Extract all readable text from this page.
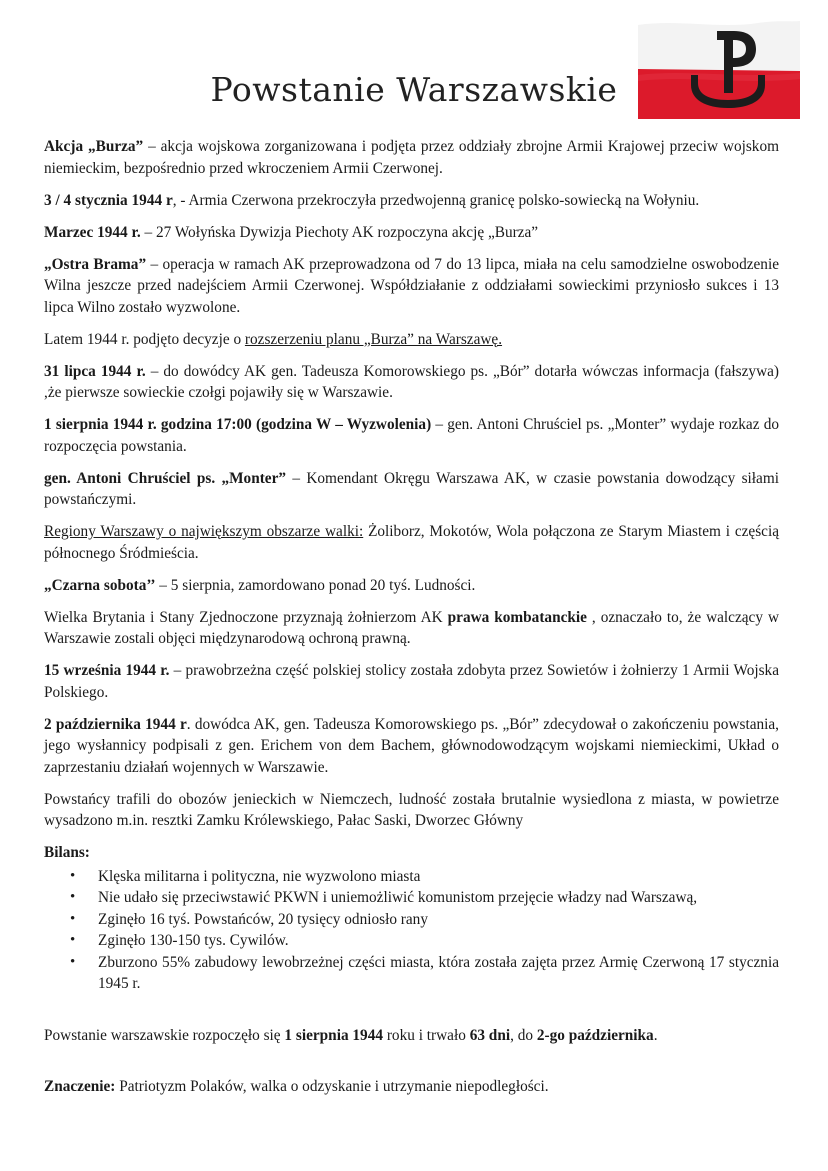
Powstanie Warszawskie

Akcja „Burza” – akcja wojskowa zorganizowana i podjęta przez oddziały zbrojne Armii Krajowej przeciw wojskom niemieckim, bezpośrednio przed wkroczeniem Armii Czerwonej.

3 / 4 stycznia 1944 r, - Armia Czerwona przekroczyła przedwojenną granicę polsko-sowiecką na Wołyniu.

Marzec 1944 r. – 27 Wołyńska Dywizja Piechoty AK rozpoczyna akcję „Burza”

„Ostra Brama” – operacja w ramach AK przeprowadzona od 7 do 13 lipca, miała na celu samodzielne oswobodzenie Wilna jeszcze przed nadejściem Armii Czerwonej. Współdziałanie z oddziałami sowieckimi przyniosło sukces i 13 lipca Wilno zostało wyzwolone.

Latem 1944 r. podjęto decyzje o rozszerzeniu planu „Burza” na Warszawę.

31 lipca 1944 r. – do dowódcy AK gen. Tadeusza Komorowskiego ps. „Bór” dotarła wówczas informacja (fałszywa) ,że pierwsze sowieckie czołgi pojawiły się w Warszawie.

1 sierpnia 1944 r. godzina 17:00 (godzina W – Wyzwolenia) – gen. Antoni Chruściel ps. „Monter” wydaje rozkaz do rozpoczęcia powstania.

gen. Antoni Chruściel ps. „Monter” – Komendant Okręgu Warszawa AK, w czasie powstania dowodzący siłami powstańczymi.

Regiony Warszawy o największym obszarze walki: Żoliborz, Mokotów, Wola połączona ze Starym Miastem i częścią północnego Śródmieścia.

„Czarna sobota’’ – 5 sierpnia, zamordowano ponad 20 tyś. Ludności.

Wielka Brytania i Stany Zjednoczone przyznają żołnierzom AK prawa kombatanckie , oznaczało to, że walczący w Warszawie zostali objęci międzynarodową ochroną prawną.

15 września 1944 r. – prawobrzeżna część polskiej stolicy została zdobyta przez Sowietów i żołnierzy 1 Armii Wojska Polskiego.

2 października 1944 r. dowódca AK, gen. Tadeusza Komorowskiego ps. „Bór” zdecydował o zakończeniu powstania, jego wysłannicy podpisali z gen. Erichem von dem Bachem, głównodowodzącym wojskami niemieckimi, Układ o zaprzestaniu działań wojennych w Warszawie.

Powstańcy trafili do obozów jenieckich w Niemczech, ludność została brutalnie wysiedlona z miasta, w powietrze wysadzono m.in. resztki Zamku Królewskiego, Pałac Saski, Dworzec Główny

Bilans:

• Klęska militarna i polityczna, nie wyzwolono miasta
• Nie udało się przeciwstawić PKWN i uniemożliwić komunistom przejęcie władzy nad Warszawą,
• Zginęło 16 tyś. Powstańców, 20 tysięcy odniosło rany
• Zginęło 130-150 tys. Cywilów.
• Zburzono 55% zabudowy lewobrzeżnej części miasta, która została zajęta przez Armię Czerwoną 17 stycznia 1945 r.
Powstanie warszawskie rozpoczęło się 1 sierpnia 1944 roku i trwało 63 dni, do 2-go października.
Znaczenie: Patriotyzm Polaków, walka o odzyskanie i utrzymanie niepodległości.
